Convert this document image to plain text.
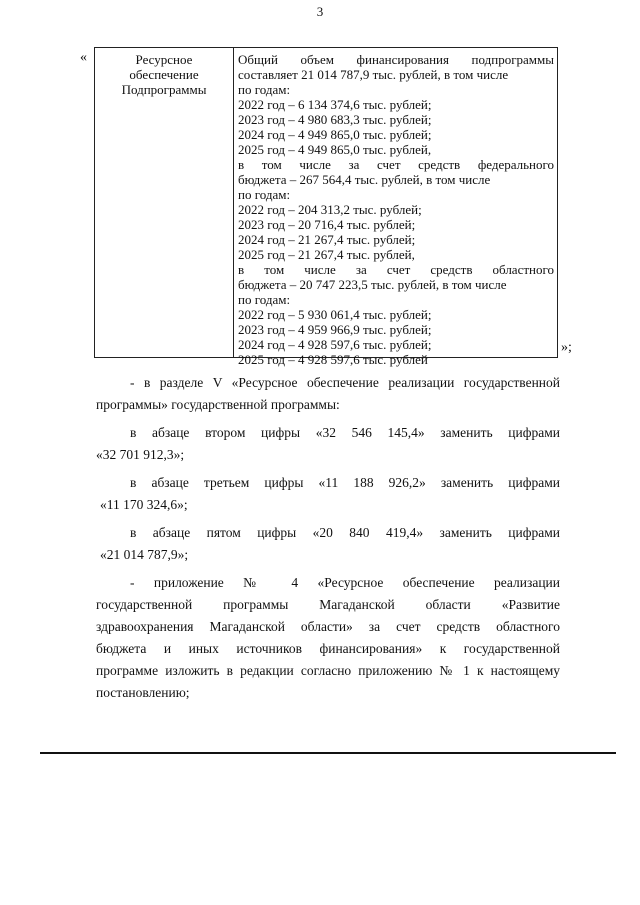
3
«	Ресурсное
обеспечение
Подпрограммы
Общий объем финансирования подпрограммы
составляет 21 014 787,9 тыс. рублей, в том числе
по годам:
2022 год – 6 134 374,6 тыс. рублей;
2023 год – 4 980 683,3 тыс. рублей;
2024 год – 4 949 865,0 тыс. рублей;
2025 год – 4 949 865,0 тыс. рублей,
в том числе за счет средств федерального
бюджета – 267 564,4 тыс. рублей, в том числе
по годам:
2022 год – 204 313,2 тыс. рублей;
2023 год – 20 716,4 тыс. рублей;
2024 год – 21 267,4 тыс. рублей;
2025 год – 21 267,4 тыс. рублей,
в том числе за счет средств областного
бюджета – 20 747 223,5 тыс. рублей, в том числе
по годам:
2022 год – 5 930 061,4 тыс. рублей;
2023 год – 4 959 966,9 тыс. рублей;
2024 год – 4 928 597,6 тыс. рублей;
2025 год – 4 928 597,6 тыс. рублей
»;
- в разделе V «Ресурсное обеспечение реализации государственной
программы» государственной программы:
в абзаце втором цифры «32 546 145,4» заменить цифрами
«32 701 912,3»;
в абзаце третьем цифры «11 188 926,2» заменить цифрами
«11 170 324,6»;
в абзаце пятом цифры «20 840 419,4» заменить цифрами
«21 014 787,9»;
- приложение № 4 «Ресурсное обеспечение реализации
государственной программы Магаданской области «Развитие
здравоохранения Магаданской области» за счет средств областного
бюджета и иных источников финансирования» к государственной
программе изложить в редакции согласно приложению № 1 к настоящему
постановлению;
